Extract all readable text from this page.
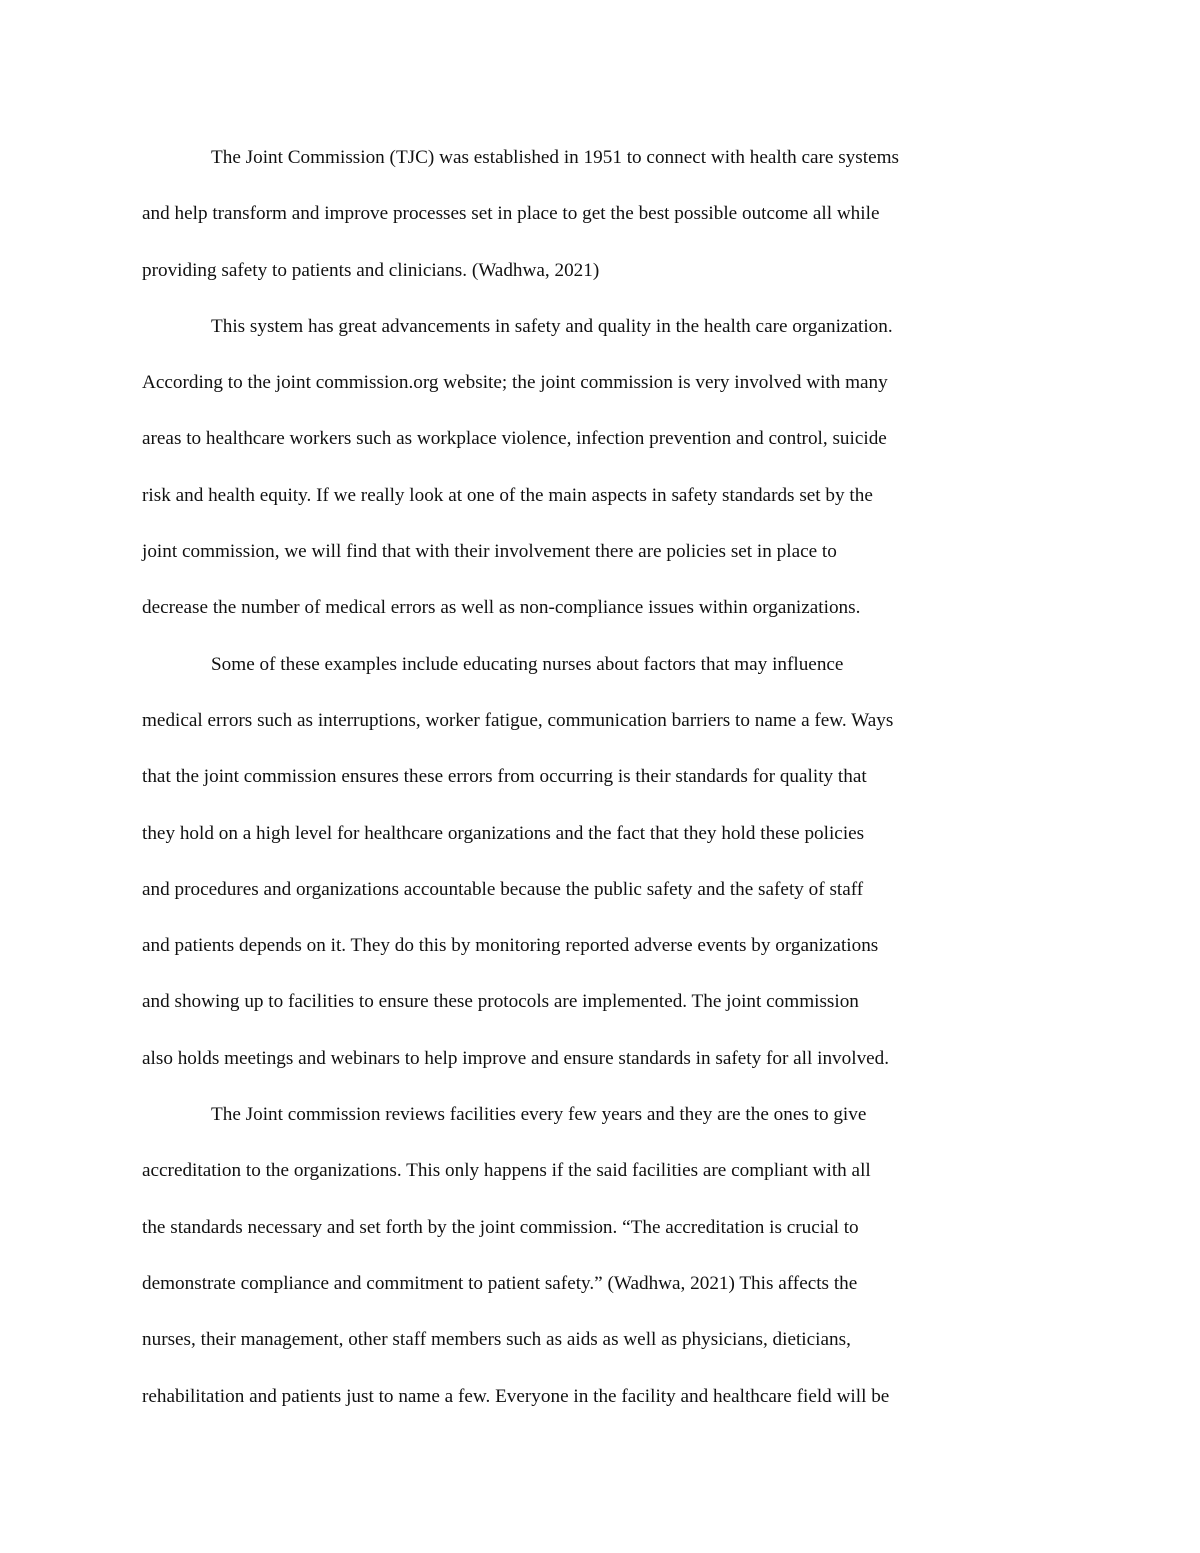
The Joint Commission (TJC) was established in 1951 to connect with health care systems
and help transform and improve processes set in place to get the best possible outcome all while
providing safety to patients and clinicians. (Wadhwa, 2021)
This system has great advancements in safety and quality in the health care organization.
According to the joint commission.org website; the joint commission is very involved with many
areas to healthcare workers such as workplace violence, infection prevention and control, suicide
risk and health equity. If we really look at one of the main aspects in safety standards set by the
joint commission, we will find that with their involvement there are policies set in place to
decrease the number of medical errors as well as non-compliance issues within organizations.
Some of these examples include educating nurses about factors that may influence
medical errors such as interruptions, worker fatigue, communication barriers to name a few. Ways
that the joint commission ensures these errors from occurring is their standards for quality that
they hold on a high level for healthcare organizations and the fact that they hold these policies
and procedures and organizations accountable because the public safety and the safety of staff
and patients depends on it. They do this by monitoring reported adverse events by organizations
and showing up to facilities to ensure these protocols are implemented. The joint commission
also holds meetings and webinars to help improve and ensure standards in safety for all involved.
The Joint commission reviews facilities every few years and they are the ones to give
accreditation to the organizations. This only happens if the said facilities are compliant with all
the standards necessary and set forth by the joint commission. “The accreditation is crucial to
demonstrate compliance and commitment to patient safety.” (Wadhwa, 2021) This affects the
nurses, their management, other staff members such as aids as well as physicians, dieticians,
rehabilitation and patients just to name a few. Everyone in the facility and healthcare field will be
